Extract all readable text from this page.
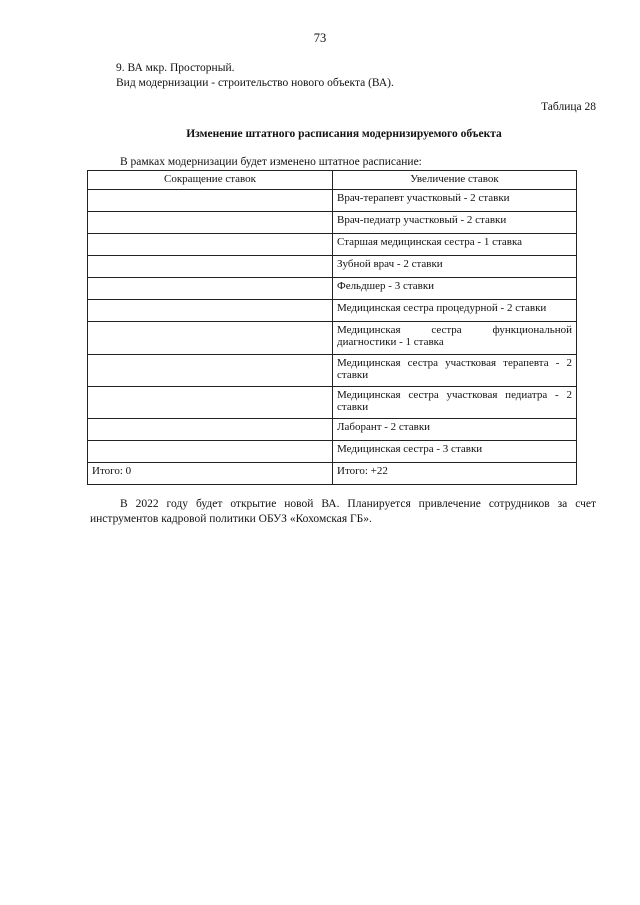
73
9. ВА мкр. Просторный.
Вид модернизации - строительство нового объекта (ВА).
Таблица 28
Изменение штатного расписания модернизируемого объекта
В рамках модернизации будет изменено штатное расписание:
Сокращение ставок	Увеличение ставок
	Врач-терапевт участковый - 2 ставки
	Врач-педиатр участковый - 2 ставки
	Старшая медицинская сестра - 1 ставка
	Зубной врач - 2 ставки
	Фельдшер - 3 ставки
	Медицинская сестра процедурной - 2 ставки
	Медицинская сестра функциональной диагностики - 1 ставка
	Медицинская сестра участковая терапевта - 2 ставки
	Медицинская сестра участковая педиатра - 2 ставки
	Лаборант - 2 ставки
	Медицинская сестра - 3 ставки
Итого: 0	Итого: +22
В 2022 году будет открытие новой ВА. Планируется привлечение сотрудников за счет инструментов кадровой политики ОБУЗ «Кохомская ГБ».
